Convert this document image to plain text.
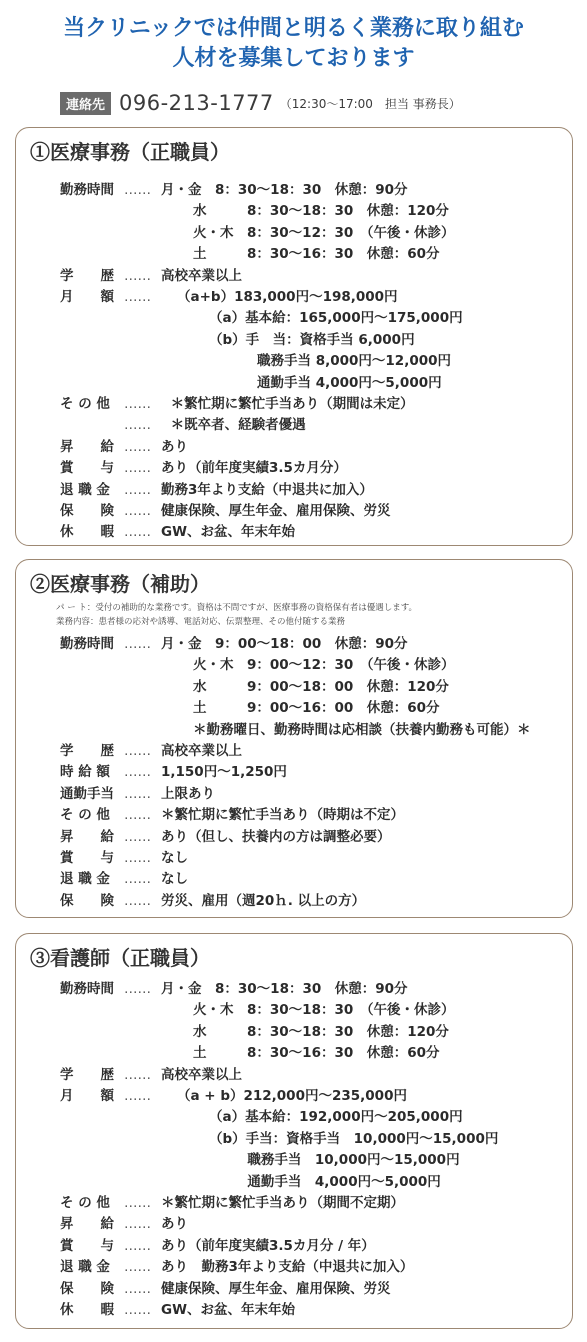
当クリニックでは仲間と明るく業務に取り組む
人材を募集しております
連絡先 096-213-1777 （12:30〜17:00　担当 事務長）
①医療事務（正職員）
勤務時間 …… 月・金　8：30〜18：30　休憩：90分
水　　　8：30〜18：30　休憩：120分
火・木　8：30〜12：30　（午後・休診）
土　　　8：30〜16：30　休憩：60分
学　　歴 …… 高校卒業以上
月　　額 …… （a+b）183,000円〜198,000円
（a）基本給：165,000円〜175,000円
（b）手　当：資格手当 6,000円
職務手当 8,000円〜12,000円
通勤手当 4,000円〜5,000円
そ の 他 …… ＊繁忙期に繁忙手当あり（期間は未定）
…… ＊既卒者、経験者優遇
昇　　給 …… あり
賞　　与 …… あり（前年度実績3.5カ月分）
退 職 金 …… 勤務3年より支給（中退共に加入）
保　　険 …… 健康保険、厚生年金、雇用保険、労災
休　　暇 …… GW、お盆、年末年始
②医療事務（補助）
パ ー ト：受付の補助的な業務です。資格は不問ですが、医療事務の資格保有者は優遇します。
業務内容：患者様の応対や誘導、電話対応、伝票整理、その他付随する業務
勤務時間 …… 月・金　9：00〜18：00　休憩：90分
火・木　9：00〜12：30　（午後・休診）
水　　　9：00〜18：00　休憩：120分
土　　　9：00〜16：00　休憩：60分
＊勤務曜日、勤務時間は応相談（扶養内勤務も可能）＊
学　　歴 …… 高校卒業以上
時 給 額 …… 1,150円〜1,250円
通勤手当 …… 上限あり
そ の 他 …… ＊繁忙期に繁忙手当あり（時期は不定）
昇　　給 …… あり（但し、扶養内の方は調整必要）
賞　　与 …… なし
退 職 金 …… なし
保　　険 …… 労災、雇用（週20ｈ. 以上の方）
③看護師（正職員）
勤務時間 …… 月・金　8：30〜18：30　休憩：90分
火・木　8：30〜18：30　（午後・休診）
水　　　8：30〜18：30　休憩：120分
土　　　8：30〜16：30　休憩：60分
学　　歴 …… 高校卒業以上
月　　額 …… （a + b）212,000円〜235,000円
（a）基本給：192,000円〜205,000円
（b）手当：資格手当　10,000円〜15,000円
職務手当　10,000円〜15,000円
通勤手当　4,000円〜5,000円
そ の 他 …… ＊繁忙期に繁忙手当あり（期間不定期）
昇　　給 …… あり
賞　　与 …… あり（前年度実績3.5カ月分 / 年）
退 職 金 …… あり　勤務3年より支給（中退共に加入）
保　　険 …… 健康保険、厚生年金、雇用保険、労災
休　　暇 …… GW、お盆、年末年始
